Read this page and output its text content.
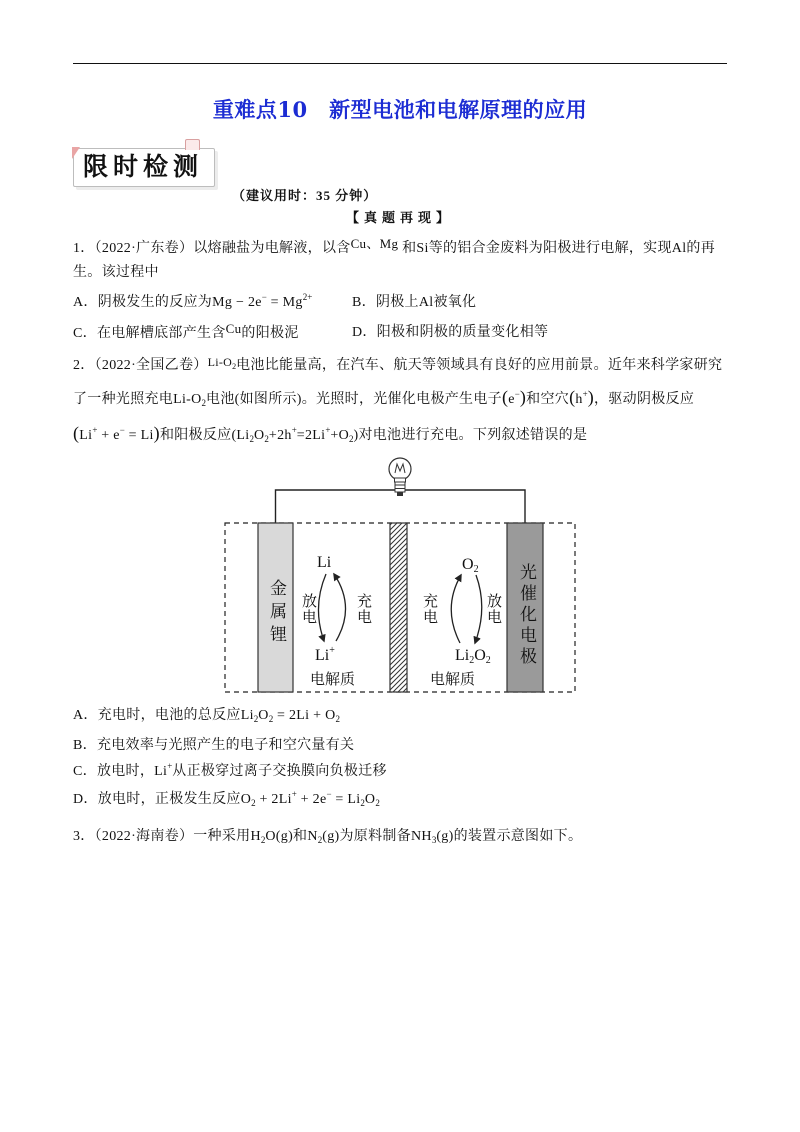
重难点10　新型电池和电解原理的应用
限时检测
（建议用时：35 分钟）
【真题再现】
1．（2022·广东卷）以熔融盐为电解液，以含 Cu、Mg 和 Si 等的铝合金废料为阳极进行电解，实现 Al 的再
生。该过程中
A．阴极发生的反应为 Mg − 2e − = Mg 2+	B．阴极上 Al 被氧化
C．在电解槽底部产生含 Cu 的阳极泥	D．阳极和阴极的质量变化相等
2．（2022·全国乙卷） Li-O 2 电池比能量高，在汽车、航天等领域具有良好的应用前景。近年来科学家研究
了一种光照充电 Li-O 2 电池(如图所示)。光照时，光催化电极产生电子 ( e − ) 和空穴 ( h + ) ，驱动阴极反应
( Li + + e − = Li ) 和阳极反应(Li 2 O 2 +2h + =2Li + +O 2 )对电池进行充电。下列叙述错误的是
金属锂	光催化电极
Li
Li +
放电	充电
电解质
O 2
Li 2 O 2
充电	放电
电解质
A．充电时，电池的总反应 Li 2 O 2 = 2Li + O 2
B．充电效率与光照产生的电子和空穴量有关
C．放电时，Li + 从正极穿过离子交换膜向负极迁移
D．放电时，正极发生反应 O 2 + 2Li + + 2e − = Li 2 O 2
3．（2022·海南卷）一种采用 H 2 O(g) 和 N 2 (g) 为原料制备 NH 3 (g) 的装置示意图如下。
